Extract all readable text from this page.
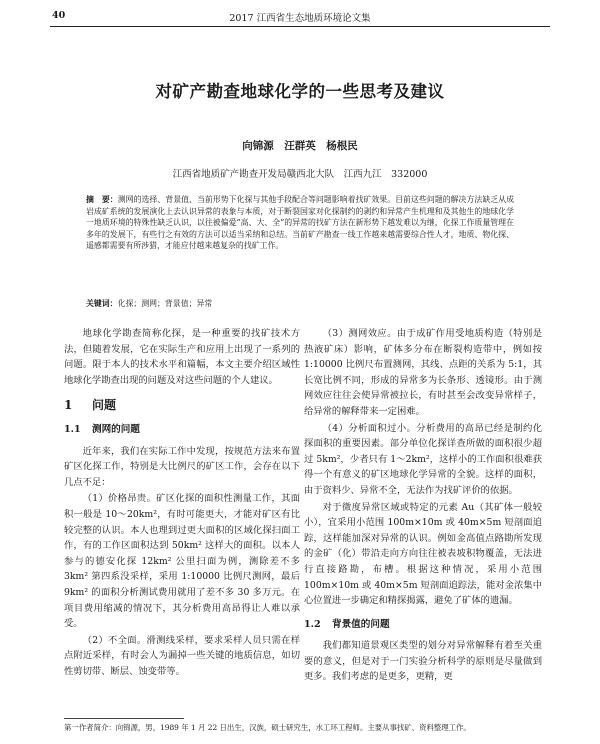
40	2017 江西省生态地质环境论文集
对矿产勘查地球化学的一些思考及建议
向锦源　汪群英　杨根民
江西省地质矿产勘查开发局赣西北大队　江西九江　332000

摘　要：测网的选择、背景值、当前形势下化探与其他手段配合等问题影响着找矿效果。目前这些问题的解决方法缺乏从成岩成矿系统的发展演化上去认识异常的表象与本质，对于断裂国家对化探制约的剥约和异常产生机理和及其他生的地球化学一地质环境的特殊性缺乏认识，以往被偏爱“高、大、全”的异常的找矿方法在新形势下越发难以为继，化探工作质量管理在多年的发展下，有些行之有效的方法可以适当采纳和总结。当前矿产勘查一线工作越来越需要综合性人才，地质、物化探、遥感都需要有所涉猎，才能应付越来越复杂的找矿工作。

关键词：化探；测网；背景值；异常

地球化学勘查简称化探，是一种重要的找矿技术方法，但随着发展，它在实际生产和应用上出现了一系列的问题。限于本人的技术水平和篇幅，本文主要介绍区域性地球化学勘查出现的问题及对这些问题的个人建议。

1 问题
1.1 测网的问题

近年来，我们在实际工作中发现，按规范方法来布置矿区化探工作，特别是大比例尺的矿区工作，会存在以下几点不足：

（1）价格昂贵。矿区化探的面积性测量工作，其面积一般是 10～20km²，有时可能更大，才能对矿区有比较完整的认识。本人也理到过更大面积的区域化探扫面工作，有的工作区面积达到 50km² 这样大的面积。以本人参与的德安化探 12km² 公里扫面为例，测除差不多 3km² 第四系没采样，采用 1:10000 比例尺测网，最后 9km² 的面积分析测试费用就用了差不多 30 多万元。在项目费用缩减的情况下，其分析费用高昂得让人难以承受。

（2）不全面。滑测线采样，要求采样人员只需在样点附近采样，有时会人为漏掉一些关键的地质信息，如切性剪切带、断层、蚀变带等。

（3）测网效应。由于成矿作用受地质构造（特别是热液矿床）影响，矿体多分布在断裂构造带中，例如按 1:10000 比例尺布置测网，其线、点距的关系为 5:1，其长宽比例不同，形成的异常多为长条形、透镜形。由于测网效应往往会使异常被拉长，有时甚至会改变异常样子，给异常的解释带来一定困难。

（4）分析面积过小。分析费用的高昂已经是制约化探面积的重要因素。部分单位化探详查所做的面积很少超过 5km²，少者只有 1～2km²，这样小的工作面积很难获得一个有意义的矿区地球化学异常的全貌。这样的面积，由于资料少、异常不全，无法作为找矿评价的依据。

对于微度异常区域或特定的元素 Au（其矿体一般较小），宜采用小范围 100m×10m 或 40m×5m 短剖面追踪，这样能加深对异常的认识。例如金高值点路勘所发现的金矿（化）带沿走向方向往往被表坡积物覆盖，无法进行直接路勘，布槽。根据这种情况，采用小范围 100m×10m 或 40m×5m 短剖面追踪法，能对金浓集中心位置进一步确定和精探揭露，避免了矿体的遗漏。

1.2 背景值的问题

我们都知道景观区类型的划分对异常解释有着至关重要的意义，但是对于一门实验分析科学的原则是尽量做到更多。我们考虑的是更多，更精，更

第一作者简介：向锦源，男，1989 年 1 月 22 日出生，汉族，硕士研究生，水工环工程师。主要从事找矿、资料整理工作。
